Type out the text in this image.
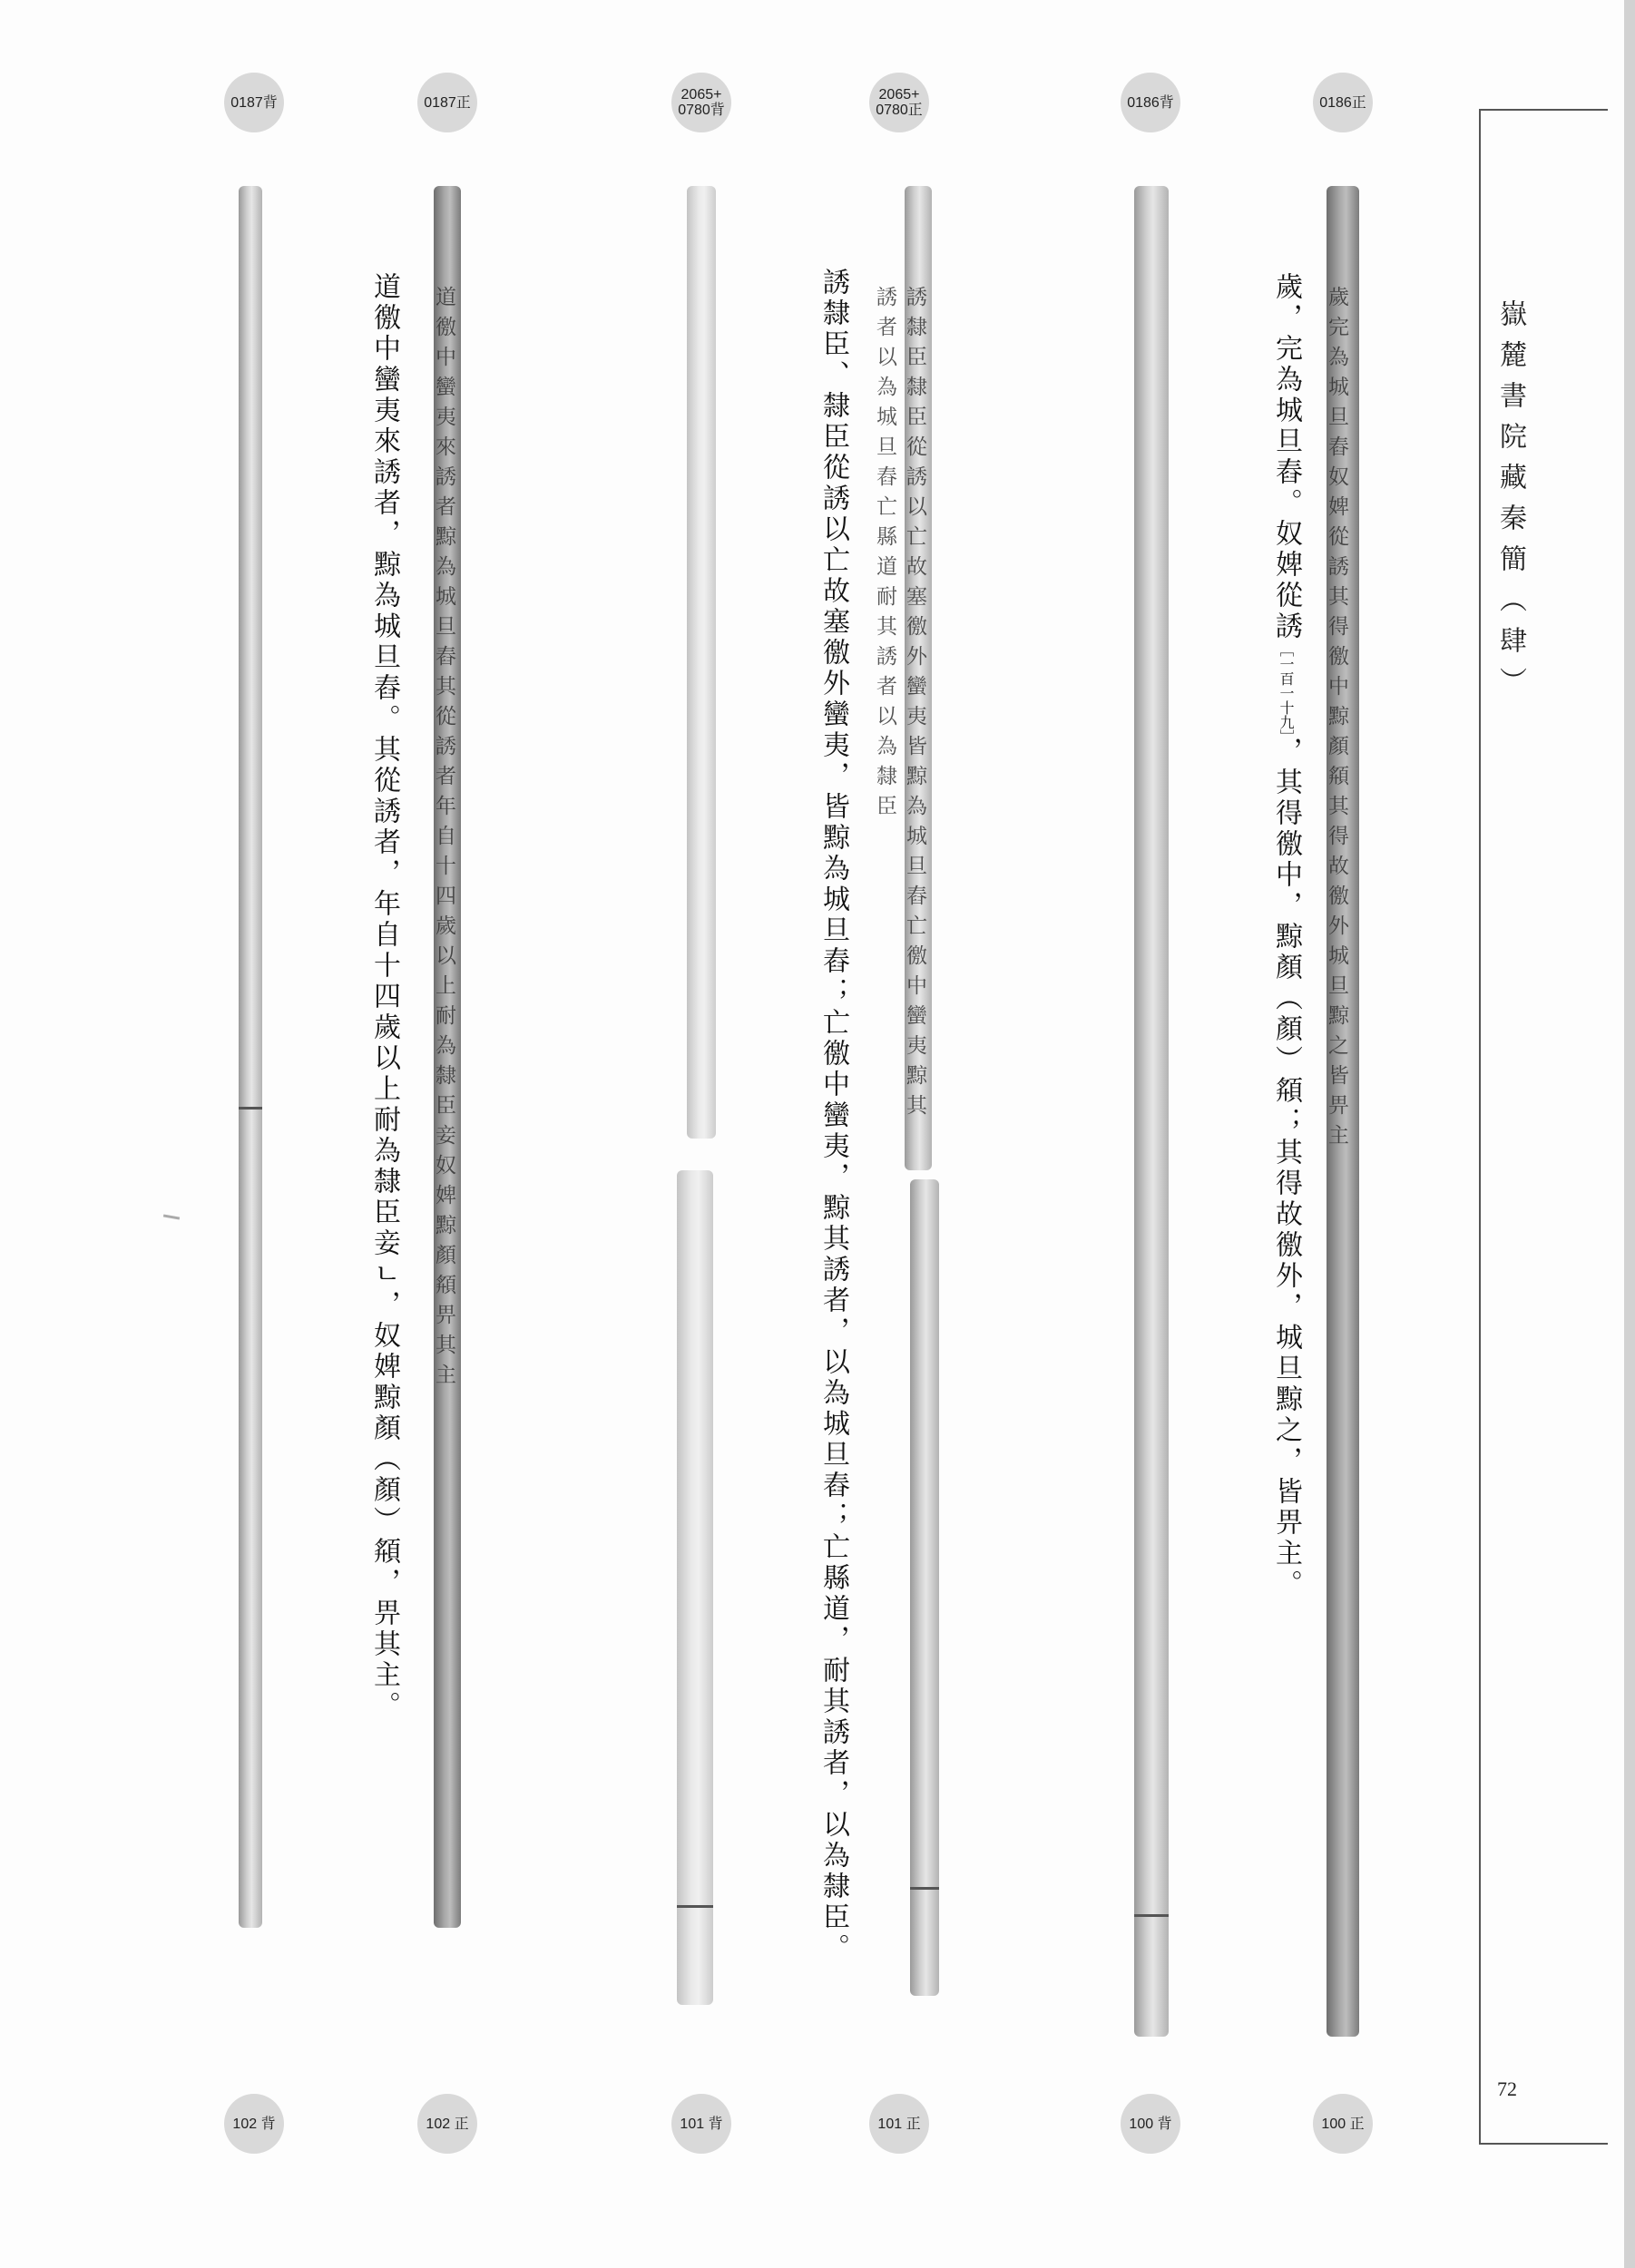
0187背	0187正	2065+
0780背
2065+
0780正	0186背	0186正
道徼中蠻夷來誘者黥為城旦舂其從誘者年自十四歲以上耐為隸臣妾奴婢黥顏頯畀其主	誘隸臣隸臣從誘以亡故塞徼外蠻夷皆黥為城旦舂亡徼中蠻夷黥其誘者以為城旦舂亡縣道耐其誘者以為隸臣	歲完為城旦舂奴婢從誘其得徼中黥顏頯其得故徼外城旦黥之皆畀主
道徼中蠻夷來誘者，黥為城旦舂。其從誘者，年自十四歲以上耐為隸臣妾ㄴ，奴婢黥顏（顏）頯，畀其主。	誘隸臣、隸臣從誘以亡故塞徼外蠻夷，皆黥為城旦舂；亡徼中蠻夷，黥其誘者，以為城旦舂；亡縣道，耐其誘者，以為隸臣。	歲，完為城旦舂。奴婢從誘［一百一十九］，其得徼中，黥顏（顏）頯；其得故徼外，城旦黥之，皆畀主。
102 背	102 正	101 背	101 正	100 背	100 正
嶽麓書院藏秦簡（肆）
72
